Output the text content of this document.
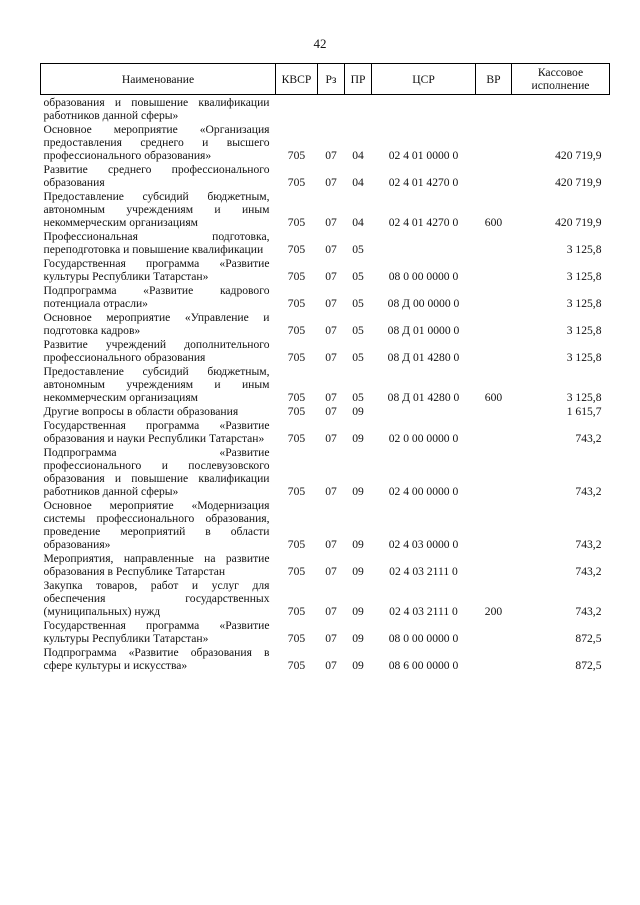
42
Наименование	КВСР	Рз	ПР	ЦСР	ВР	Кассовое исполнение
образования и повышение квалификации работников данной сферы»						
Основное мероприятие «Организация предоставления среднего и высшего профессионального образования»	705	07	04	02 4 01 0000 0		420 719,9
Развитие среднего профессионального образования	705	07	04	02 4 01 4270 0		420 719,9
Предоставление субсидий бюджетным, автономным учреждениям и иным некоммерческим организациям	705	07	04	02 4 01 4270 0	600	420 719,9
Профессиональная подготовка, переподготовка и повышение квалификации	705	07	05			3 125,8
Государственная программа «Развитие культуры Республики Татарстан»	705	07	05	08 0 00 0000 0		3 125,8
Подпрограмма «Развитие кадрового потенциала отрасли»	705	07	05	08 Д 00 0000 0		3 125,8
Основное мероприятие «Управление и подготовка кадров»	705	07	05	08 Д 01 0000 0		3 125,8
Развитие учреждений дополнительного профессионального образования	705	07	05	08 Д 01 4280 0		3 125,8
Предоставление субсидий бюджетным, автономным учреждениям и иным некоммерческим организациям	705	07	05	08 Д 01 4280 0	600	3 125,8
Другие вопросы в области образования	705	07	09			1 615,7
Государственная программа «Развитие образования и науки Республики Татарстан»	705	07	09	02 0 00 0000 0		743,2
Подпрограмма «Развитие профессионального и послевузовского образования и повышение квалификации работников данной сферы»	705	07	09	02 4 00 0000 0		743,2
Основное мероприятие «Модернизация системы профессионального образования, проведение мероприятий в области образования»	705	07	09	02 4 03 0000 0		743,2
Мероприятия, направленные на развитие образования в Республике Татарстан	705	07	09	02 4 03 2111 0		743,2
Закупка товаров, работ и услуг для обеспечения государственных (муниципальных) нужд	705	07	09	02 4 03 2111 0	200	743,2
Государственная программа «Развитие культуры Республики Татарстан»	705	07	09	08 0 00 0000 0		872,5
Подпрограмма «Развитие образования в сфере культуры и искусства»	705	07	09	08 6 00 0000 0		872,5
